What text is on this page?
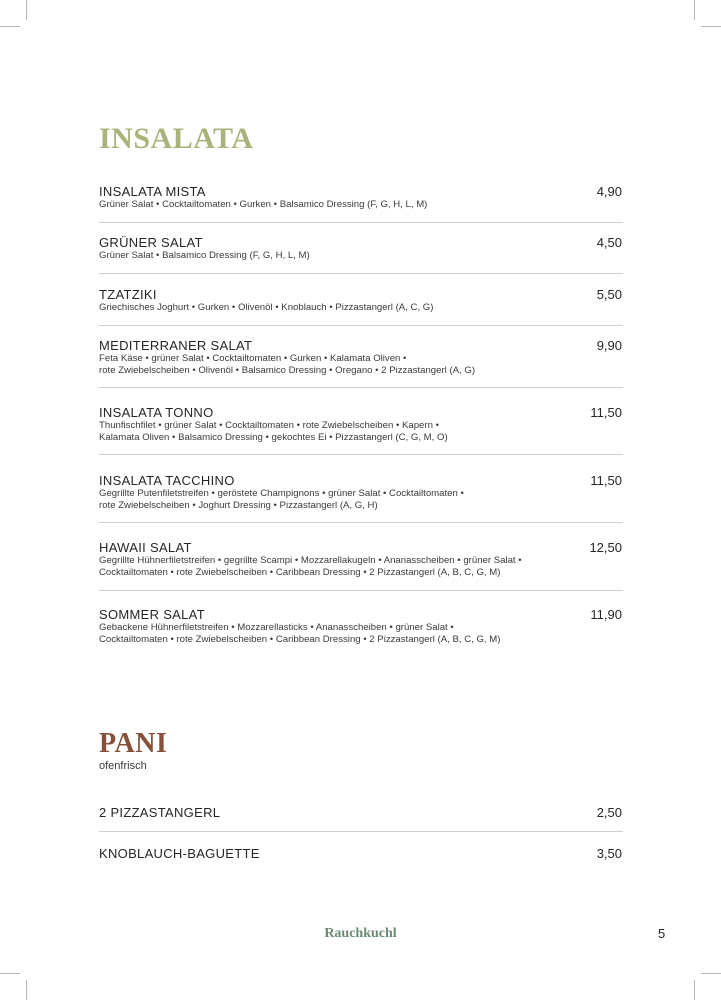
INSALATA
INSALATA MISTA	4,90
Grüner Salat • Cocktailtomaten • Gurken • Balsamico Dressing (F, G, H, L, M)
GRÜNER SALAT	4,50
Grüner Salat • Balsamico Dressing (F, G, H, L, M)
TZATZIKI	5,50
Griechisches Joghurt • Gurken • Olivenöl • Knoblauch • Pizzastangerl (A, C, G)
MEDITERRANER SALAT	9,90
Feta Käse • grüner Salat • Cocktailtomaten • Gurken • Kalamata Oliven •
rote Zwiebelscheiben • Olivenöl • Balsamico Dressing • Oregano • 2 Pizzastangerl (A, G)
INSALATA TONNO	11,50
Thunfischfilet • grüner Salat • Cocktailtomaten • rote Zwiebelscheiben • Kapern •
Kalamata Oliven • Balsamico Dressing • gekochtes Ei • Pizzastangerl (C, G, M, O)
INSALATA TACCHINO	11,50
Gegrillte Putenfiletstreifen • geröstete Champignons • grüner Salat • Cocktailtomaten •
rote Zwiebelscheiben • Joghurt Dressing • Pizzastangerl (A, G, H)
HAWAII SALAT	12,50
Gegrillte Hühnerfiletstreifen • gegrillte Scampi • Mozzarellakugeln • Ananasscheiben • grüner Salat •
Cocktailtomaten • rote Zwiebelscheiben • Caribbean Dressing • 2 Pizzastangerl (A, B, C, G, M)
SOMMER SALAT	11,90
Gebackene Hühnerfiletstreifen • Mozzarellasticks • Ananasscheiben • grüner Salat •
Cocktailtomaten • rote Zwiebelscheiben • Caribbean Dressing • 2 Pizzastangerl (A, B, C, G, M)
PANI
ofenfrisch
2 PIZZASTANGERL	2,50
KNOBLAUCH-BAGUETTE	3,50
Rauchkuchl	5
